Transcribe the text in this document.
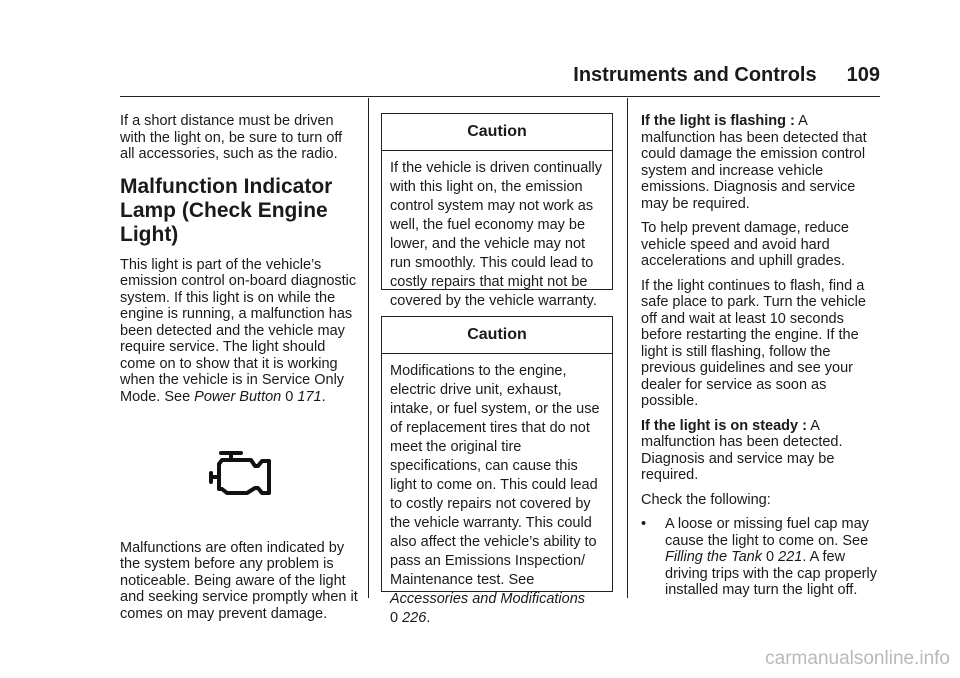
Instruments and Controls 109

If a short distance must be driven with the light on, be sure to turn off all accessories, such as the radio.

Malfunction Indicator Lamp (Check Engine Light)

This light is part of the vehicle’s emission control on-board diagnostic system. If this light is on while the engine is running, a malfunction has been detected and the vehicle may require service. The light should come on to show that it is working when the vehicle is in Service Only Mode. See Power Button 0 171.

Malfunctions are often indicated by the system before any problem is noticeable. Being aware of the light and seeking service promptly when it comes on may prevent damage.

Caution
If the vehicle is driven continually with this light on, the emission control system may not work as well, the fuel economy may be lower, and the vehicle may not run smoothly. This could lead to costly repairs that might not be covered by the vehicle warranty.
Caution
Modifications to the engine, electric drive unit, exhaust, intake, or fuel system, or the use of replacement tires that do not meet the original tire specifications, can cause this light to come on. This could lead to costly repairs not covered by the vehicle warranty. This could also affect the vehicle’s ability to pass an Emissions Inspection/ Maintenance test. See Accessories and Modifications
0 226.

If the light is flashing : A malfunction has been detected that could damage the emission control system and increase vehicle emissions. Diagnosis and service may be required.

To help prevent damage, reduce vehicle speed and avoid hard accelerations and uphill grades.

If the light continues to flash, find a safe place to park. Turn the vehicle off and wait at least 10 seconds before restarting the engine. If the light is still flashing, follow the previous guidelines and see your dealer for service as soon as possible.

If the light is on steady : A malfunction has been detected. Diagnosis and service may be required.

Check the following:

•	A loose or missing fuel cap may cause the light to come on. See Filling the Tank 0 221. A few driving trips with the cap properly installed may turn the light off.
carmanualsonline.info
